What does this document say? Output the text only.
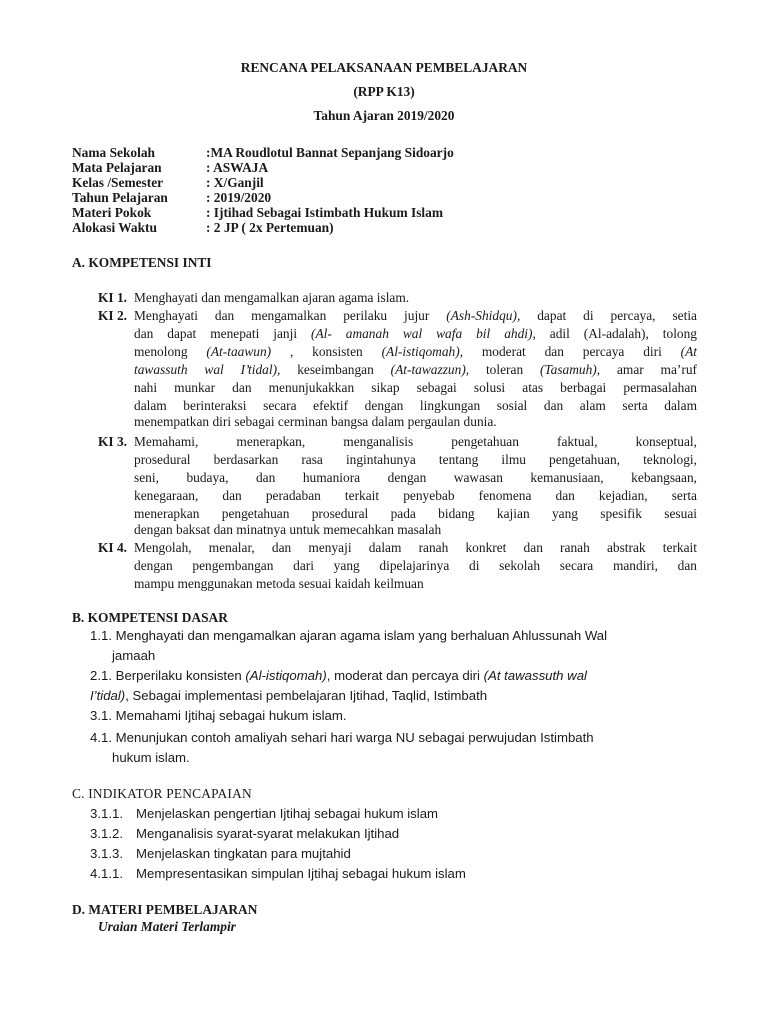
RENCANA PELAKSANAAN PEMBELAJARAN
(RPP K13)
Tahun Ajaran 2019/2020
Nama Sekolah	:MA Roudlotul Bannat Sepanjang Sidoarjo
Mata Pelajaran	: ASWAJA
Kelas /Semester	: X/Ganjil
Tahun Pelajaran	: 2019/2020
Materi Pokok	: Ijtihad Sebagai Istimbath Hukum Islam
Alokasi Waktu	: 2 JP ( 2x Pertemuan)
A. KOMPETENSI INTI
KI 1. Menghayati dan mengamalkan ajaran agama islam.
KI 2. Menghayati dan mengamalkan perilaku jujur (Ash-Shidqu), dapat di percaya, setia
dan dapat menepati janji (Al- amanah wal wafa bil ahdi), adil (Al-adalah), tolong
menolong (At-taawun) , konsisten (Al-istiqomah), moderat dan percaya diri (At
tawassuth wal I’tidal), keseimbangan (At-tawazzun), toleran (Tasamuh), amar ma’ruf
nahi munkar dan menunjukakkan sikap sebagai solusi atas berbagai permasalahan
dalam berinteraksi secara efektif dengan lingkungan sosial dan alam serta dalam
menempatkan diri sebagai cerminan bangsa dalam pergaulan dunia.
KI 3. Memahami, menerapkan, menganalisis pengetahuan faktual, konseptual,
prosedural berdasarkan rasa ingintahunya tentang ilmu pengetahuan, teknologi,
seni, budaya, dan humaniora dengan wawasan kemanusiaan, kebangsaan,
kenegaraan, dan peradaban terkait penyebab fenomena dan kejadian, serta
menerapkan pengetahuan prosedural pada bidang kajian yang spesifik sesuai
dengan baksat dan minatnya untuk memecahkan masalah
KI 4. Mengolah, menalar, dan menyaji dalam ranah konkret dan ranah abstrak terkait
dengan pengembangan dari yang dipelajarinya di sekolah secara mandiri, dan
mampu menggunakan metoda sesuai kaidah keilmuan
B. KOMPETENSI DASAR
1.1. Menghayati dan mengamalkan ajaran agama islam yang berhaluan Ahlussunah Wal
jamaah
2.1. Berperilaku konsisten (Al-istiqomah), moderat dan percaya diri (At tawassuth wal
I’tidal), Sebagai implementasi pembelajaran Ijtihad, Taqlid, Istimbath
3.1. Memahami Ijtihaj sebagai hukum islam.
4.1. Menunjukan contoh amaliyah sehari hari warga NU sebagai perwujudan Istimbath
hukum islam.
C. INDIKATOR PENCAPAIAN
3.1.1. Menjelaskan pengertian Ijtihaj sebagai hukum islam
3.1.2. Menganalisis syarat-syarat melakukan Ijtihad
3.1.3. Menjelaskan tingkatan para mujtahid
4.1.1. Mempresentasikan simpulan Ijtihaj sebagai hukum islam
D. MATERI PEMBELAJARAN
Uraian Materi Terlampir
